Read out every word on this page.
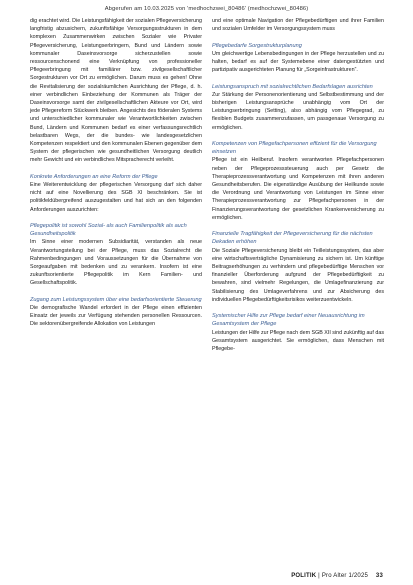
Abgerufen am 10.03.2025 von 'medhochzwei_80486' (medhochzwei_80486)

dig erachtet wird. Die Leistungsfähigkeit der sozialen Pflegeversicherung langfristig abzusichern, zukunftsfähige Versorgungsstrukturen in dem komplexen Zusammenwirken zwischen Sozialer wie Privater Pflegeversicherung, Leistungserbringern, Bund und Ländern sowie kommunaler Daseinsvorsorge sicherzustellen sowie ressourcenschonend eine Verknüpfung von professioneller Pflegeerbringung mit familiärer bzw. zivilgesellschaftlicher Sorgestrukturen vor Ort zu ermöglichen. Darum muss es gehen! Ohne die Revitalisierung der sozialräumlichen Ausrichtung der Pflege, d. h. einer verbindlichen Einbeziehung der Kommunen als Träger der Daseinsvorsorge samt der zivilgesellschaftlichen Akteure vor Ort, wird jede Pflegereform Stückwerk bleiben. Angesichts des föderalen Systems und unterschiedlicher kommunaler wie Verantwortlichkeiten zwischen Bund, Ländern und Kommunen bedarf es einer verfassungsrechtlich belastbaren Wegs, der die bundes- wie landesgesetzlichen Kompetenzen respektiert und den kommunalen Ebenen gegenüber dem System der pflegerischen wie gesundheitlichen Versorgung deutlich mehr Gewicht und ein verbindliches Mitspracherecht verleiht.

Konkrete Anforderungen an eine Reform der Pflege

Eine Weiterentwicklung der pflegerischen Versorgung darf sich daher nicht auf eine Novellierung des SGB XI beschränken. Sie ist politikfeldübergreifend auszugestalten und hat sich an den folgenden Anforderungen auszurichten:

Pflegepolitik ist sowohl Sozial- als auch Familienpolitik als auch Gesundheitspolitik

Im Sinne einer modernen Subsidiarität, verstanden als neue Verantwortungsteilung bei der Pflege, muss das Sozialrecht die Rahmenbedingungen und Voraussetzungen für die Übernahme von Sorgeaufgaben mit bedenken und zu verankern. Insofern ist eine zukunftsorientierte Pflegepolitik im Kern Familien- und Gesellschaftspolitik.

Zugang zum Leistungssystem über eine bedarfsorientierte Steuerung

Die demografische Wandel erfordert in der Pflege einen effizienten Einsatz der jeweils zur Verfügung stehenden personellen Ressourcen. Die sektorenübergreifende Allokation von Leistungen

und eine optimale Navigation der Pflegebedürftigen und ihrer Familien und sozialen Umfelder im Versorgungssystem muss

Pflegebedarfe Sorgestrukturplanung

Um gleichwertige Lebensbedingungen in der Pflege herzustellen und zu halten, bedarf es auf der Systemebene einer datengestützten und partizipativ ausgerichteten Planung für „Sorgeinfrastrukturen“.

Leistungsanspruch mit sozialrechtlichen Bedarfslagen ausrichten

Zur Stärkung der Personenorientierung und Selbstbestimmung und der bisherigen Leistungsansprüche unabhängig vom Ort der Leistungserbringung (Setting), also abhängig vom Pflegegrad, zu flexiblen Budgets zusammenzufassen, um passgenaue Versorgung zu ermöglichen.

Kompetenzen von Pflegefachpersonen effizient für die Versorgung einsetzen

Pflege ist ein Heilberuf. Insofern verantworten Pflegefachpersonen neben der Pflegeprozesssteuerung auch per Gesetz die Therapieprozessverantwortung und Kompetenzen mit ihren anderen Gesundheitsberufen. Die eigenständige Ausübung der Heilkunde sowie die Verordnung und Verantwortung von Leistungen im Sinne einer Therapieprozessverantwortung zur Pflegefachpersonen in der Finanzierungsverantwortung der gesetzlichen Krankenversicherung zu ermöglichen.

Finanzielle Tragfähigkeit der Pflegeversicherung für die nächsten Dekaden erhöhen

Die Soziale Pflegeversicherung bleibt ein Teilleistungssystem, das aber eine wirtschaftsverträgliche Dynamisierung zu sichern ist. Um künftige Beitragserhöhungen zu verhindern und pflegebedürftige Menschen vor finanzieller Überforderung aufgrund der Pflegebedürftigkeit zu bewahren, sind vielmehr Regelungen, die Umlagefinanzierung zur Stabilisierung des Umlageverfahrens und zur Absicherung des individuellen Pflegebedürftigkeitsrisikos weiterzuentwickeln.

Systemischer Hilfe zur Pflege bedarf einer Neuausrichtung im Gesamtsystem der Pflege

Leistungen der Hilfe zur Pflege nach dem SGB XII sind zukünftig auf das Gesamtsystem ausgerichtet. Sie ermöglichen, dass Menschen mit Pflegebe-

POLITIK | Pro Alter 1/2025 33
